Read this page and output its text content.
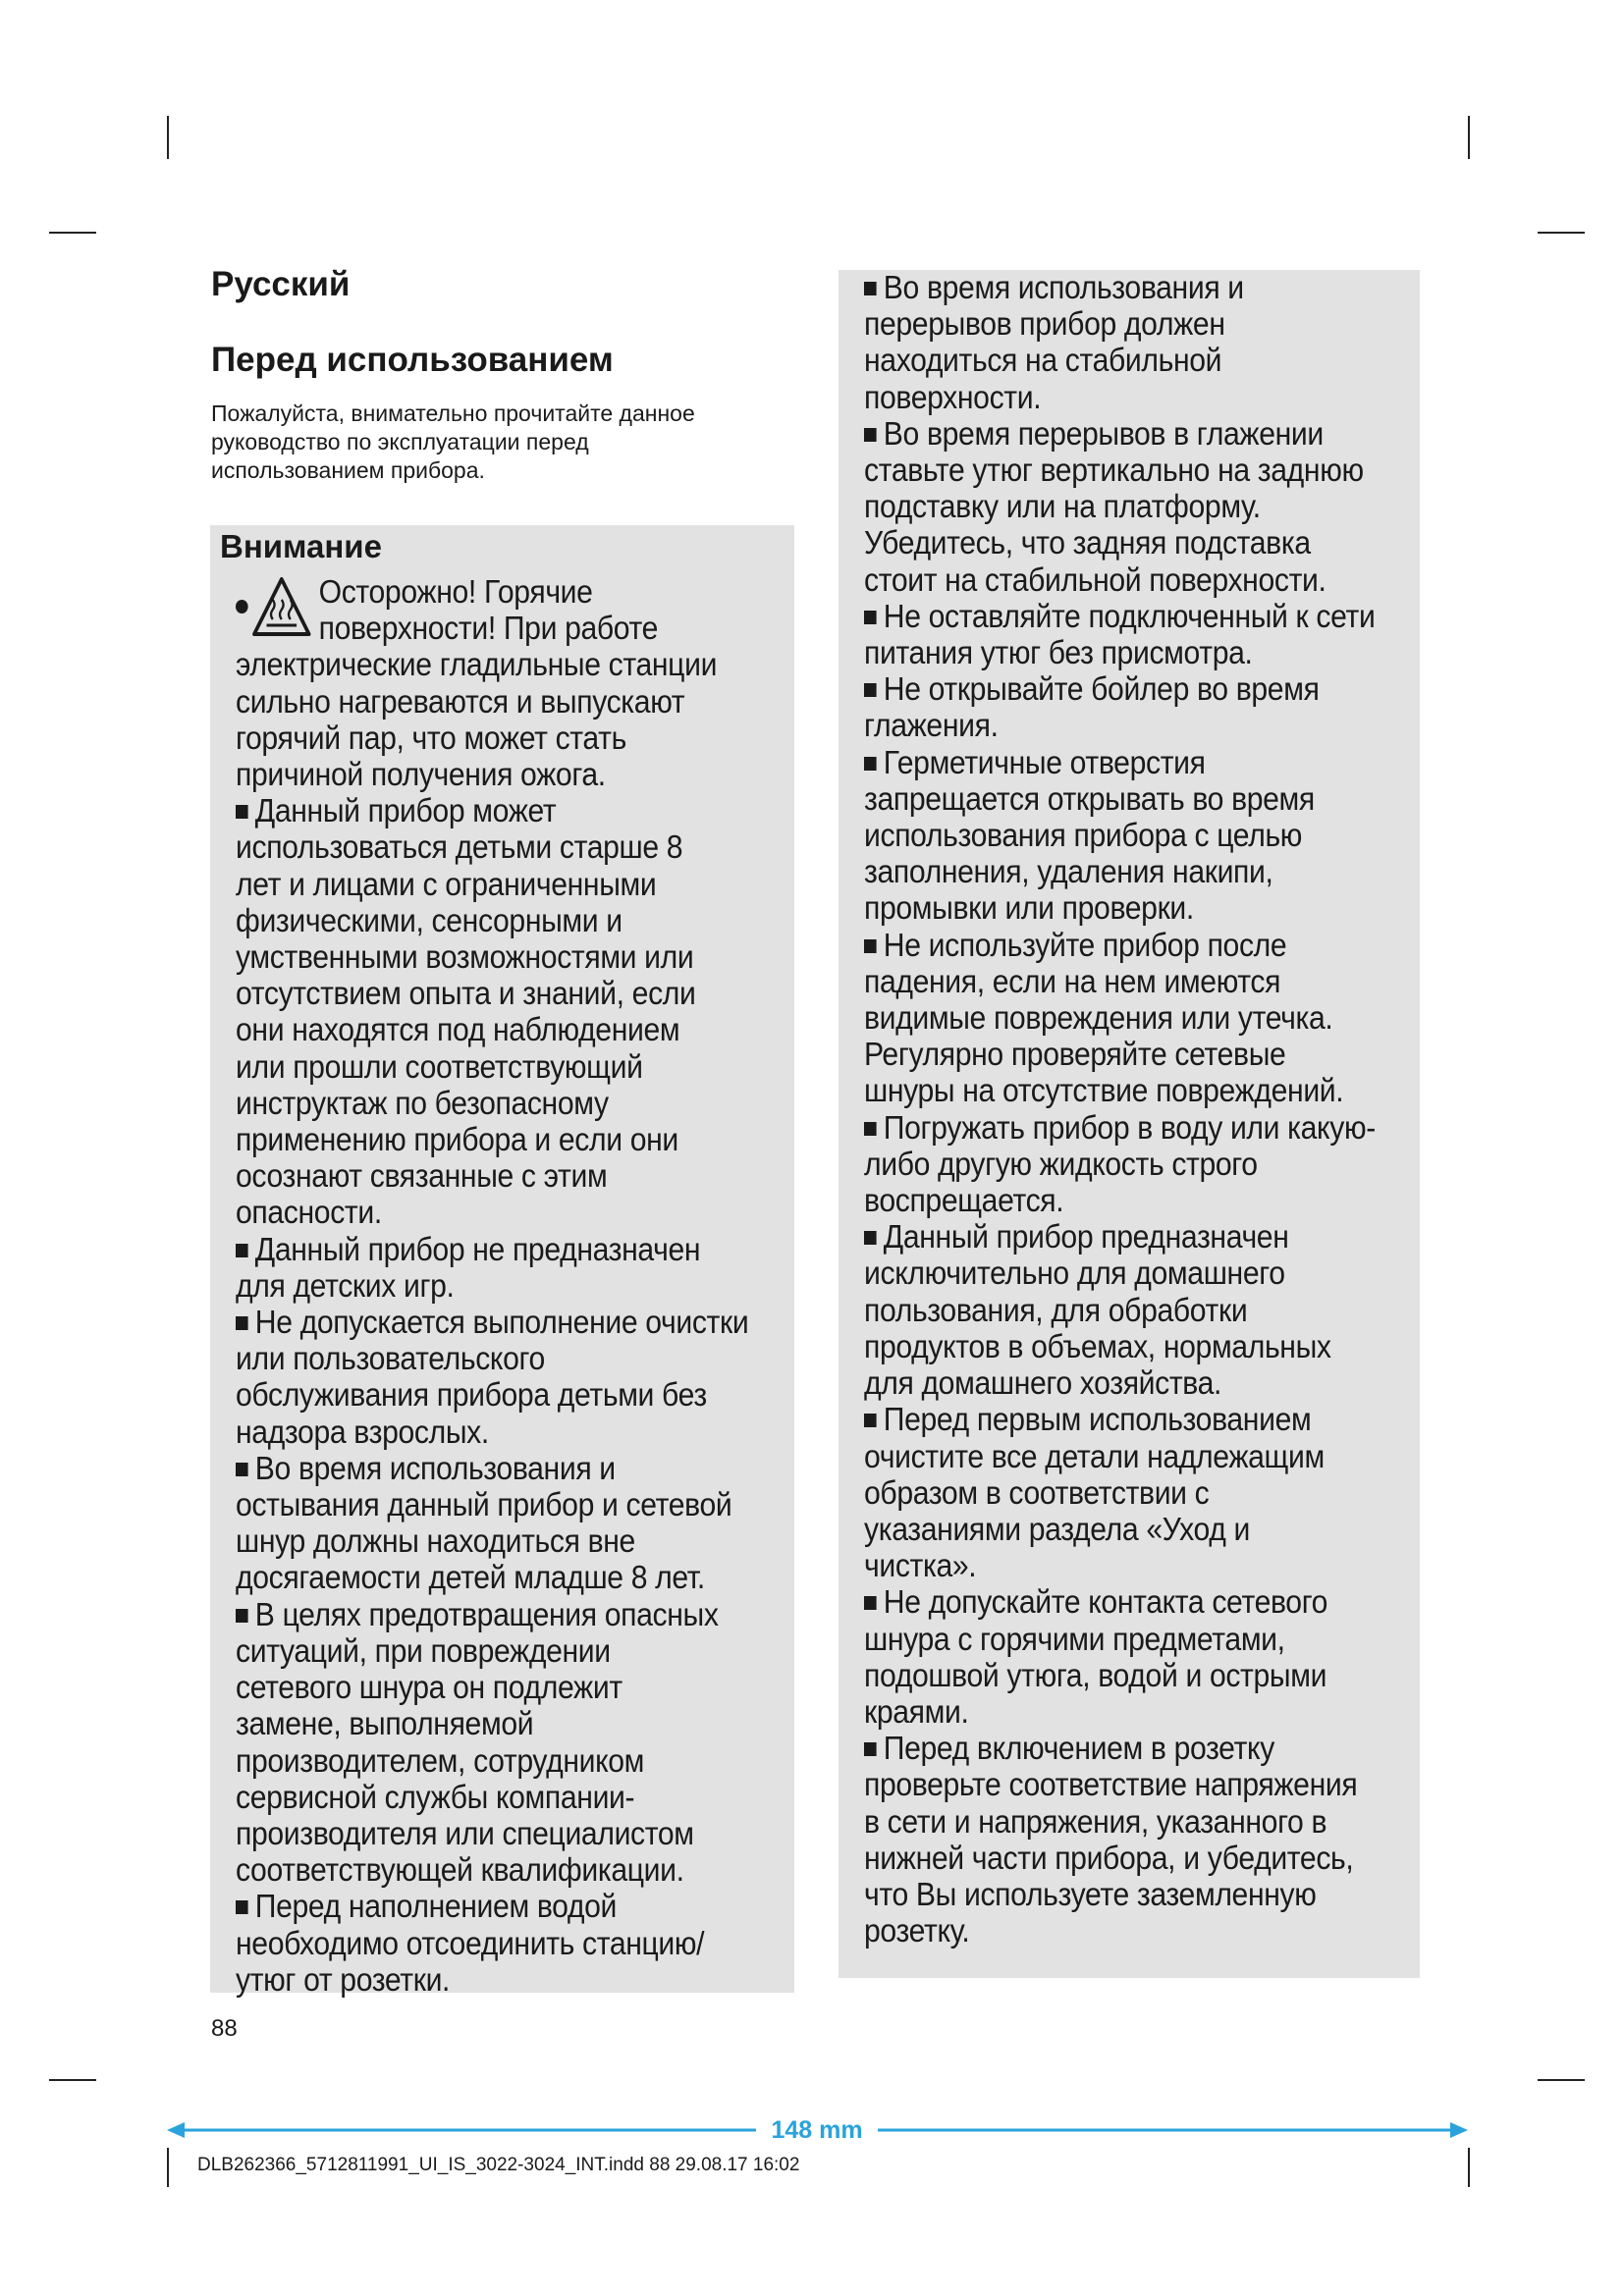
Русский
Перед использованием
Пожалуйста, внимательно прочитайте данное
руководство по эксплуатации перед
использованием прибора.
Внимание
Осторожно! Горячие
поверхности! При работе
электрические гладильные станции
сильно нагреваются и выпускают
горячий пар, что может стать
причиной получения ожога.
Данный прибор может
использоваться детьми старше 8
лет и лицами с ограниченными
физическими, сенсорными и
умственными возможностями или
отсутствием опыта и знаний, если
они находятся под наблюдением
или прошли соответствующий
инструктаж по безопасному
применению прибора и если они
осознают связанные с этим
опасности.
Данный прибор не предназначен
для детских игр.
Не допускается выполнение очистки
или пользовательского
обслуживания прибора детьми без
надзора взрослых.
Во время использования и
остывания данный прибор и сетевой
шнур должны находиться вне
досягаемости детей младше 8 лет.
В целях предотвращения опасных
ситуаций, при повреждении
сетевого шнура он подлежит
замене, выполняемой
производителем, сотрудником
сервисной службы компании-
производителя или специалистом
соответствующей квалификации.
Перед наполнением водой
необходимо отсоединить станцию/
утюг от розетки.
Во время использования и
перерывов прибор должен
находиться на стабильной
поверхности.
Во время перерывов в глажении
ставьте утюг вертикально на заднюю
подставку или на платформу.
Убедитесь, что задняя подставка
стоит на стабильной поверхности.
Не оставляйте подключенный к сети
питания утюг без присмотра.
Не открывайте бойлер во время
глажения.
Герметичные отверстия
запрещается открывать во время
использования прибора с целью
заполнения, удаления накипи,
промывки или проверки.
Не используйте прибор после
падения, если на нем имеются
видимые повреждения или утечка.
Регулярно проверяйте сетевые
шнуры на отсутствие повреждений.
Погружать прибор в воду или какую-
либо другую жидкость строго
воспрещается.
Данный прибор предназначен
исключительно для домашнего
пользования, для обработки
продуктов в объемах, нормальных
для домашнего хозяйства.
Перед первым использованием
очистите все детали надлежащим
образом в соответствии с
указаниями раздела «Уход и
чистка».
Не допускайте контакта сетевого
шнура с горячими предметами,
подошвой утюга, водой и острыми
краями.
Перед включением в розетку
проверьте соответствие напряжения
в сети и напряжения, указанного в
нижней части прибора, и убедитесь,
что Вы используете заземленную
розетку.

88

148 mm

DLB262366_5712811991_UI_IS_3022-3024_INT.indd 88 29.08.17 16:02
